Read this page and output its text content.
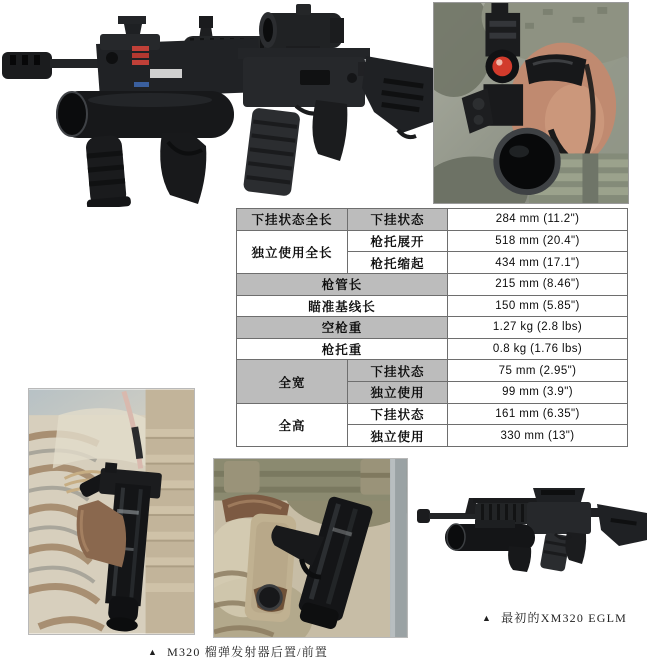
下挂状态全长	下挂状态	284 mm (11.2")
独立使用全长	枪托展开	518 mm (20.4")
	枪托缩起	434 mm (17.1")
枪管长		215 mm (8.46")
瞄准基线长		150 mm (5.85")
空枪重		1.27 kg (2.8 lbs)
枪托重		0.8 kg (1.76 lbs)
全宽	下挂状态	75 mm (2.95")
	独立使用	99 mm (3.9")
全高	下挂状态	161 mm (6.35")
	独立使用	330 mm (13")
▲ M320 榴弹发射器后置/前置
▲ 最初的XM320 EGLM
